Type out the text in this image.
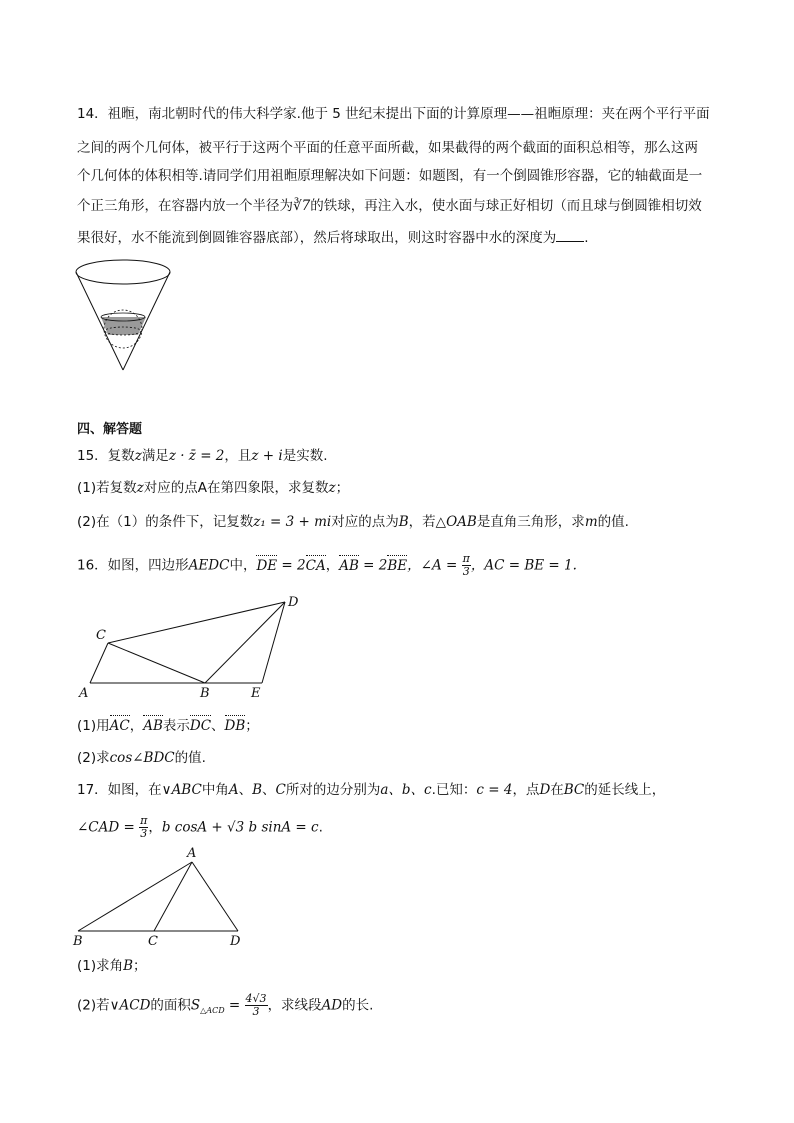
14．祖暅，南北朝时代的伟大科学家.他于 5 世纪末提出下面的计算原理——祖暅原理：夹在两个平行平面
之间的两个几何体，被平行于这两个平面的任意平面所截，如果截得的两个截面的面积总相等，那么这两
个几何体的体积相等.请同学们用祖暅原理解决如下问题：如题图，有一个倒圆锥形容器，它的轴截面是一
个正三角形，在容器内放一个半径为∛7的铁球，再注入水，使水面与球正好相切（而且球与倒圆锥相切效
果很好，水不能流到倒圆锥容器底部），然后将球取出，则这时容器中水的深度为 .
四、解答题
15．复数z满足z · z̄ = 2，且z + i是实数.
(1)若复数z对应的点A在第四象限，求复数z；
(2)在（1）的条件下，记复数z₁ = 3 + mi对应的点为B，若△OAB是直角三角形，求m的值.
16．如图，四边形AEDC中，DE = 2CA，AB = 2BE，∠A = $\frac{\pi}{3}$ ，AC = BE = 1.
A
C
B	E
D
(1)用AC，AB表示DC、DB；
(2)求cos∠BDC的值.
17．如图，在∨ABC中角A、B、C所对的边分别为a、b、c.已知：c = 4，点D在BC的延长线上，
∠CAD = $\frac{\pi}{3}$ ，b cosA + √3 b sinA = c.
A
B	C	D
(1)求角B；
(2)若∨ACD的面积$S_{\triangle ACD} = \frac{4√3}{3}$ ，求线段AD的长.
